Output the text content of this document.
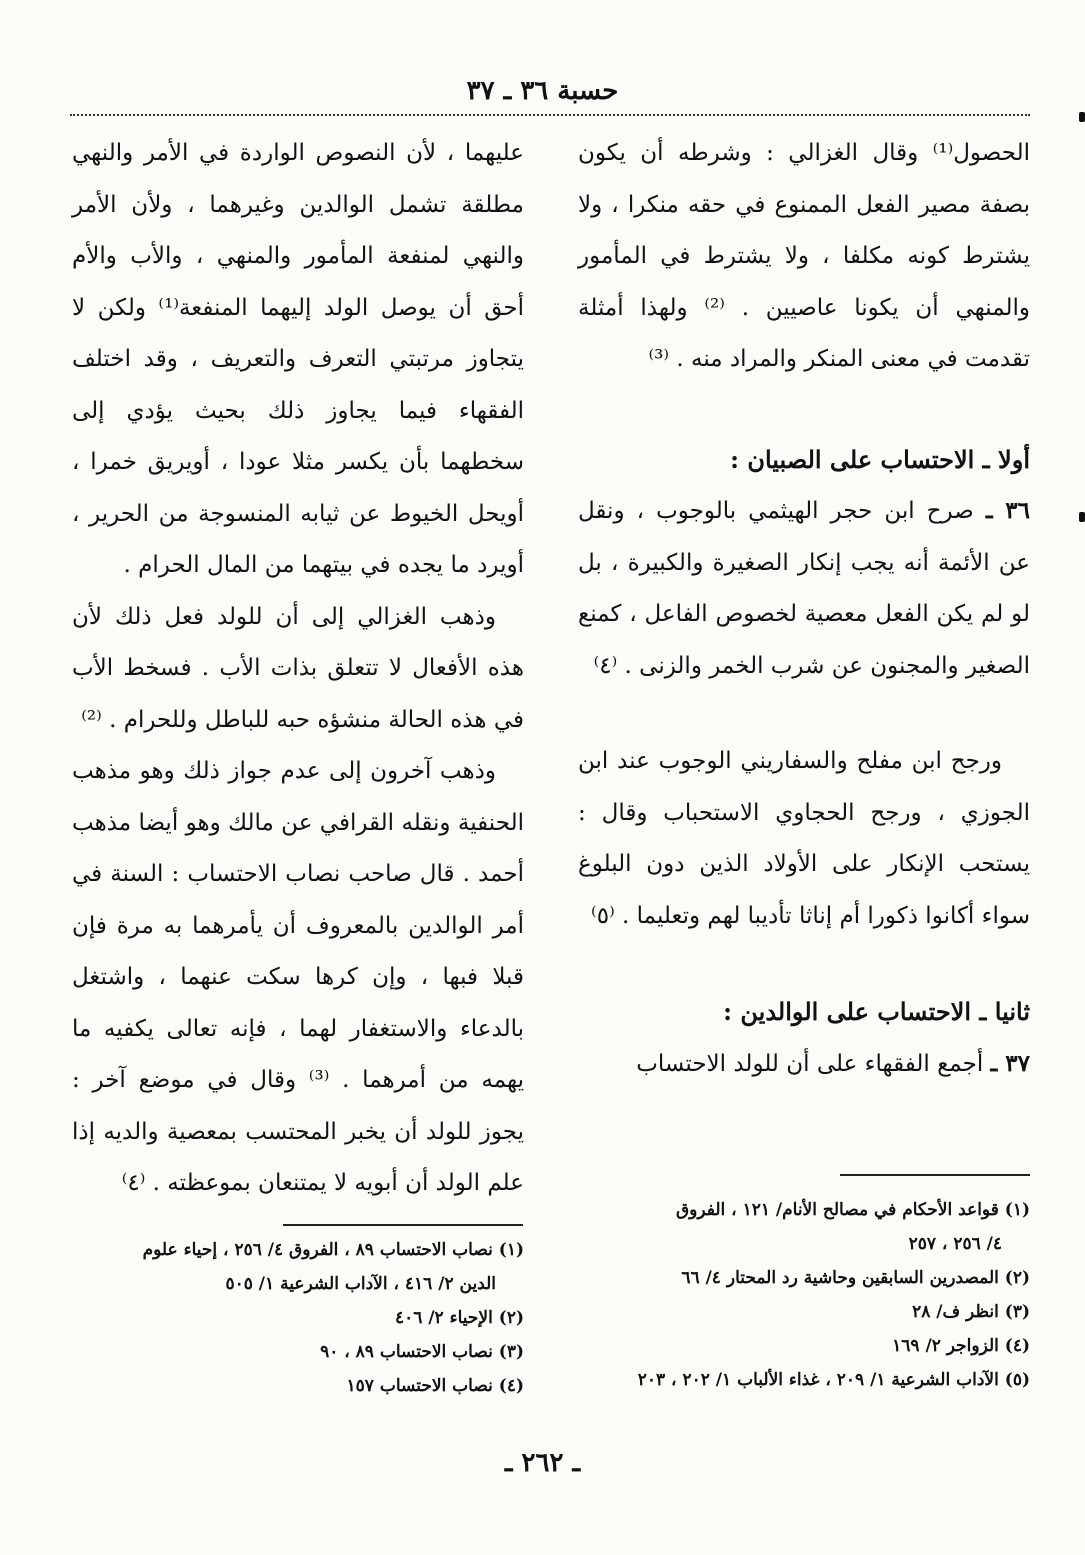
حسبة ٣٦ ـ ٣٧

الحصول⁽¹⁾ وقال الغزالي : وشرطه أن يكون بصفة مصير الفعل الممنوع في حقه منكرا ، ولا يشترط كونه مكلفا ، ولا يشترط في المأمور والمنهي أن يكونا عاصيين . ⁽²⁾ ولهذا أمثلة تقدمت في معنى المنكر والمراد منه . ⁽³⁾

أولا ـ الاحتساب على الصبيان :

٣٦ ـ صرح ابن حجر الهيثمي بالوجوب ، ونقل عن الأئمة أنه يجب إنكار الصغيرة والكبيرة ، بل لو لم يكن الفعل معصية لخصوص الفاعل ، كمنع الصغير والمجنون عن شرب الخمر والزنى . ⁽٤⁾

ورجح ابن مفلح والسفاريني الوجوب عند ابن الجوزي ، ورجح الحجاوي الاستحباب وقال : يستحب الإنكار على الأولاد الذين دون البلوغ سواء أكانوا ذكورا أم إناثا تأديبا لهم وتعليما . ⁽٥⁾

ثانيا ـ الاحتساب على الوالدين :

٣٧ ـ أجمع الفقهاء على أن للولد الاحتساب

عليهما ، لأن النصوص الواردة في الأمر والنهي مطلقة تشمل الوالدين وغيرهما ، ولأن الأمر والنهي لمنفعة المأمور والمنهي ، والأب والأم أحق أن يوصل الولد إليهما المنفعة⁽¹⁾ ولكن لا يتجاوز مرتبتي التعرف والتعريف ، وقد اختلف الفقهاء فيما يجاوز ذلك بحيث يؤدي إلى سخطهما بأن يكسر مثلا عودا ، أويريق خمرا ، أويحل الخيوط عن ثيابه المنسوجة من الحرير ، أويرد ما يجده في بيتهما من المال الحرام .

وذهب الغزالي إلى أن للولد فعل ذلك لأن هذه الأفعال لا تتعلق بذات الأب . فسخط الأب في هذه الحالة منشؤه حبه للباطل وللحرام . ⁽²⁾

وذهب آخرون إلى عدم جواز ذلك وهو مذهب الحنفية ونقله القرافي عن مالك وهو أيضا مذهب أحمد . قال صاحب نصاب الاحتساب : السنة في أمر الوالدين بالمعروف أن يأمرهما به مرة فإن قبلا فبها ، وإن كرها سكت عنهما ، واشتغل بالدعاء والاستغفار لهما ، فإنه تعالى يكفيه ما يهمه من أمرهما . ⁽³⁾ وقال في موضع آخر : يجوز للولد أن يخبر المحتسب بمعصية والديه إذا علم الولد أن أبويه لا يمتنعان بموعظته . ⁽٤⁾

(١) قواعد الأحكام في مصالح الأنام/ ١٢١ ، الفروق
٤/ ٢٥٦ ، ٢٥٧
(٢) المصدرين السابقين وحاشية رد المحتار ٤/ ٦٦
(٣) انظر ف/ ٢٨
(٤) الزواجر ٢/ ١٦٩
(٥) الآداب الشرعية ١/ ٢٠٩ ، غذاء الألباب ١/ ٢٠٢ ، ٢٠٣
(١) نصاب الاحتساب ٨٩ ، الفروق ٤/ ٢٥٦ ، إحياء علوم
الدين ٢/ ٤١٦ ، الآداب الشرعية ١/ ٥٠٥
(٢) الإحياء ٢/ ٤٠٦
(٣) نصاب الاحتساب ٨٩ ، ٩٠
(٤) نصاب الاحتساب ١٥٧
ـ ٢٦٢ ـ
